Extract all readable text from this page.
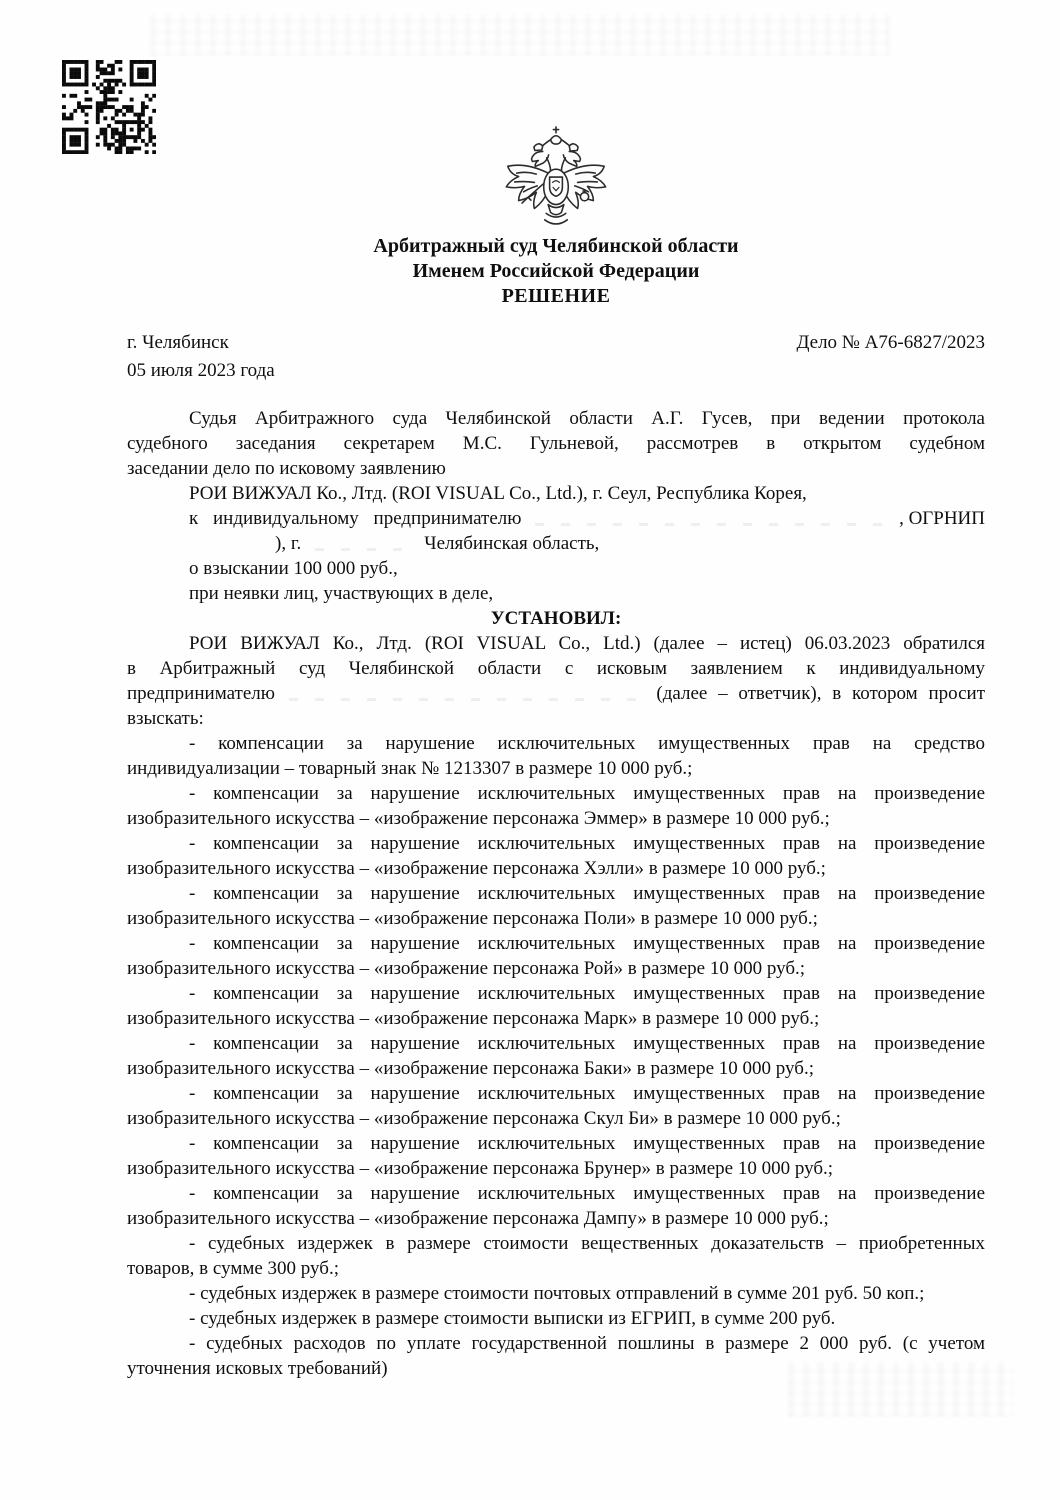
Арбитражный суд Челябинской области
Именем Российской Федерации
РЕШЕНИЕ
г. Челябинск	Дело № А76-6827/2023
05 июля 2023 года
Судья Арбитражного суда Челябинской области А.Г. Гусев, при ведении протокола
судебного заседания секретарем М.С. Гульневой, рассмотрев в открытом судебном
заседании дело по исковому заявлению
РОИ ВИЖУАЛ Ко., Лтд. (ROI VISUAL Co., Ltd.), г. Сеул, Республика Корея,
к индивидуальному предпринимателю	, ОГРНИП
), г.	Челябинская область,
о взыскании 100 000 руб.,
при неявки лиц, участвующих в деле,
УСТАНОВИЛ:
РОИ ВИЖУАЛ Ко., Лтд. (ROI VISUAL Co., Ltd.) (далее – истец) 06.03.2023 обратился
в Арбитражный суд Челябинской области с исковым заявлением к индивидуальному
предпринимателю	(далее – ответчик), в котором просит
взыскать:
- компенсации за нарушение исключительных имущественных прав на средство
индивидуализации – товарный знак № 1213307 в размере 10 000 руб.;
- компенсации за нарушение исключительных имущественных прав на произведение
изобразительного искусства – «изображение персонажа Эммер» в размере 10 000 руб.;
- компенсации за нарушение исключительных имущественных прав на произведение
изобразительного искусства – «изображение персонажа Хэлли» в размере 10 000 руб.;
- компенсации за нарушение исключительных имущественных прав на произведение
изобразительного искусства – «изображение персонажа Поли» в размере 10 000 руб.;
- компенсации за нарушение исключительных имущественных прав на произведение
изобразительного искусства – «изображение персонажа Рой» в размере 10 000 руб.;
- компенсации за нарушение исключительных имущественных прав на произведение
изобразительного искусства – «изображение персонажа Марк» в размере 10 000 руб.;
- компенсации за нарушение исключительных имущественных прав на произведение
изобразительного искусства – «изображение персонажа Баки» в размере 10 000 руб.;
- компенсации за нарушение исключительных имущественных прав на произведение
изобразительного искусства – «изображение персонажа Скул Би» в размере 10 000 руб.;
- компенсации за нарушение исключительных имущественных прав на произведение
изобразительного искусства – «изображение персонажа Брунер» в размере 10 000 руб.;
- компенсации за нарушение исключительных имущественных прав на произведение
изобразительного искусства – «изображение персонажа Дампу» в размере 10 000 руб.;
- судебных издержек в размере стоимости вещественных доказательств – приобретенных
товаров, в сумме 300 руб.;
- судебных издержек в размере стоимости почтовых отправлений в сумме 201 руб. 50 коп.;
- судебных издержек в размере стоимости выписки из ЕГРИП, в сумме 200 руб.
- судебных расходов по уплате государственной пошлины в размере 2 000 руб. (с учетом
уточнения исковых требований)
